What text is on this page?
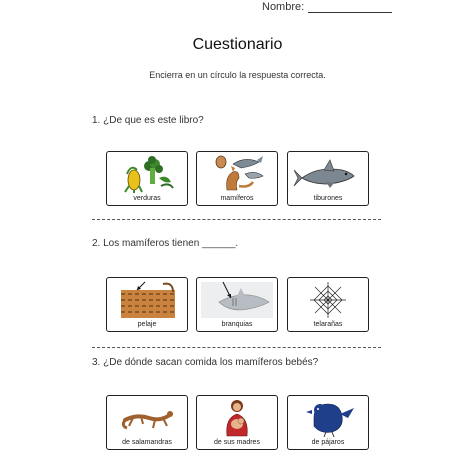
Nombre:
Cuestionario
Encierra en un círculo la respuesta correcta.
1. ¿De que es este libro?
verduras	mamíferos	tiburones
2. Los mamíferos tienen ______.
pelaje	branquias	telarañas
3. ¿De dónde sacan comida los mamíferos bebés?
de salamandras	de sus madres	de pájaros
